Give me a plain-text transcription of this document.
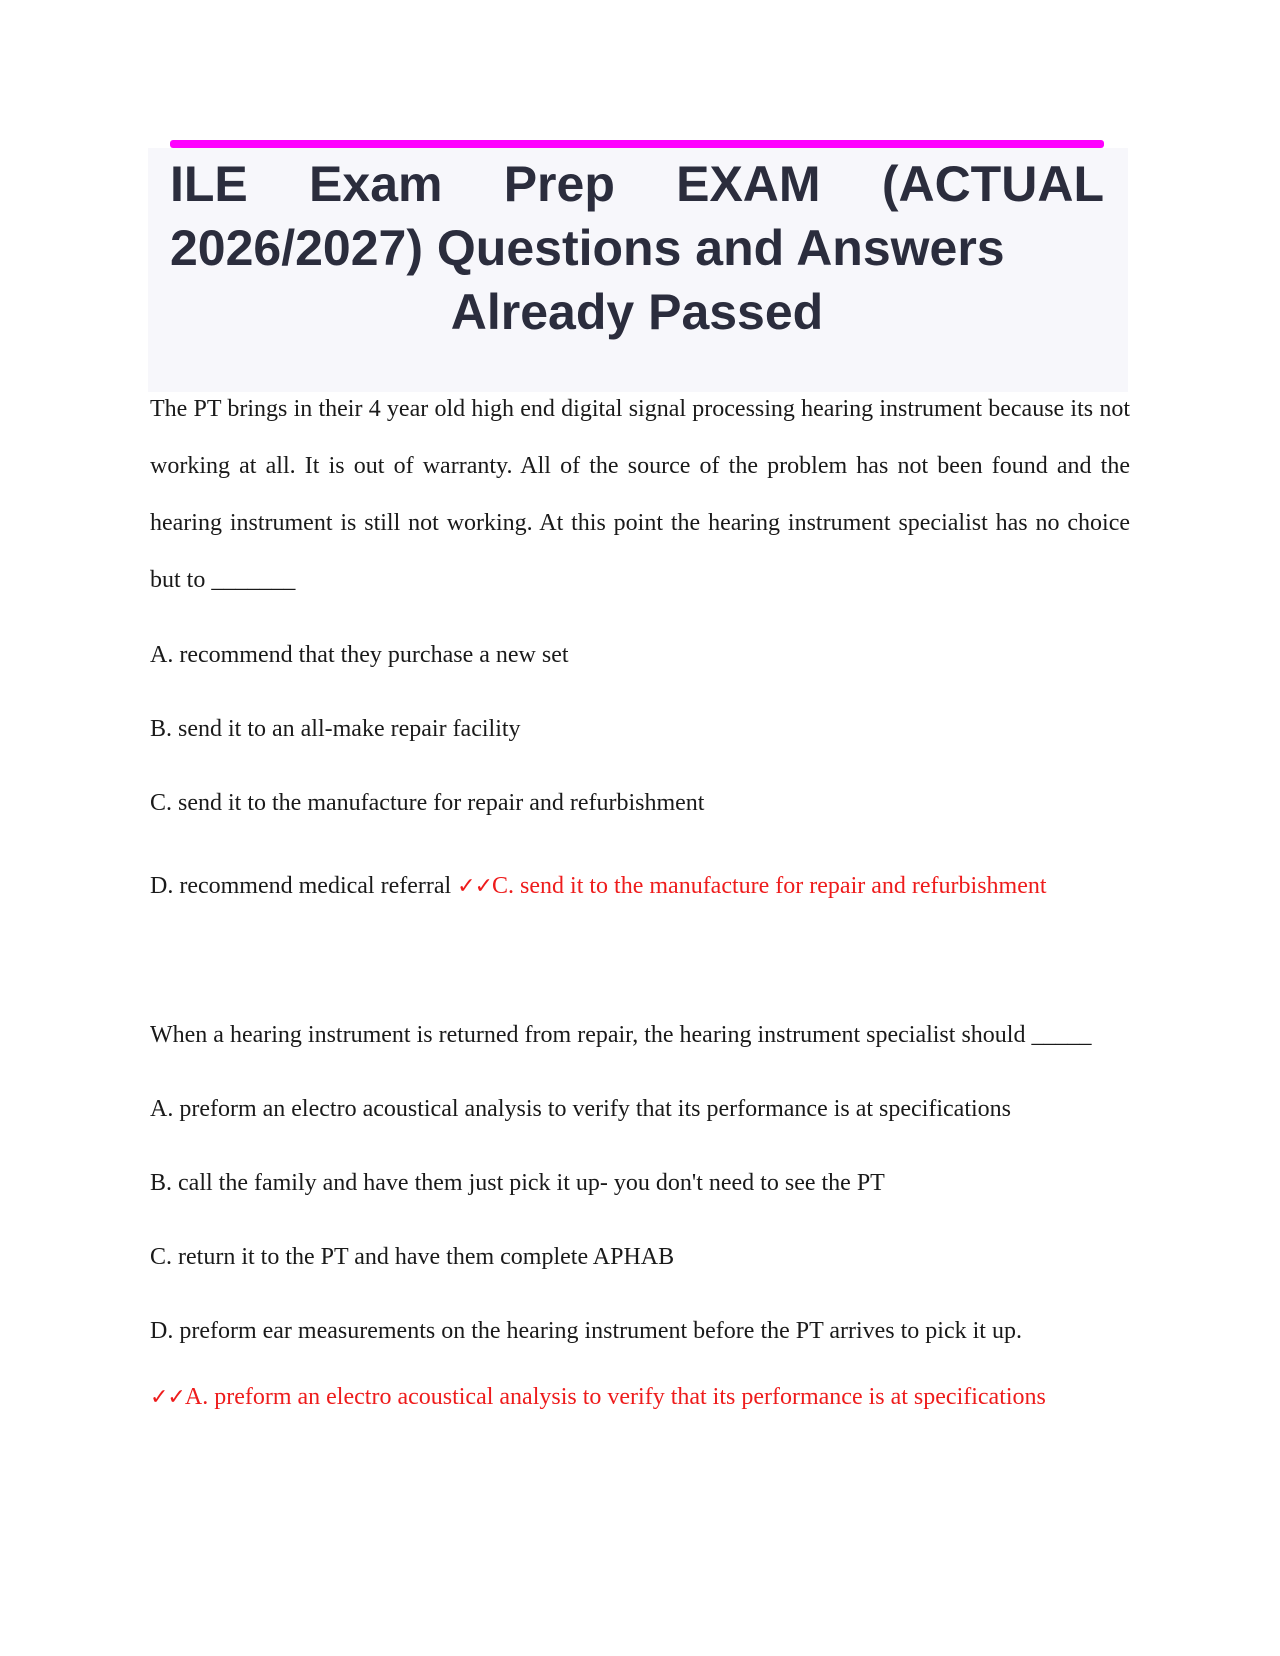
ILE Exam Prep EXAM (ACTUAL
2026/2027) Questions and Answers
Already Passed

The PT brings in their 4 year old high end digital signal processing hearing instrument because its not working at all. It is out of warranty. All of the source of the problem has not been found and the hearing instrument is still not working. At this point the hearing instrument specialist has no choice but to _______

A. recommend that they purchase a new set

B. send it to an all-make repair facility

C. send it to the manufacture for repair and refurbishment

D. recommend medical referral ✓✓C. send it to the manufacture for repair and refurbishment

When a hearing instrument is returned from repair, the hearing instrument specialist should _____

A. preform an electro acoustical analysis to verify that its performance is at specifications

B. call the family and have them just pick it up- you don't need to see the PT

C. return it to the PT and have them complete APHAB

D. preform ear measurements on the hearing instrument before the PT arrives to pick it up.

✓✓A. preform an electro acoustical analysis to verify that its performance is at specifications
